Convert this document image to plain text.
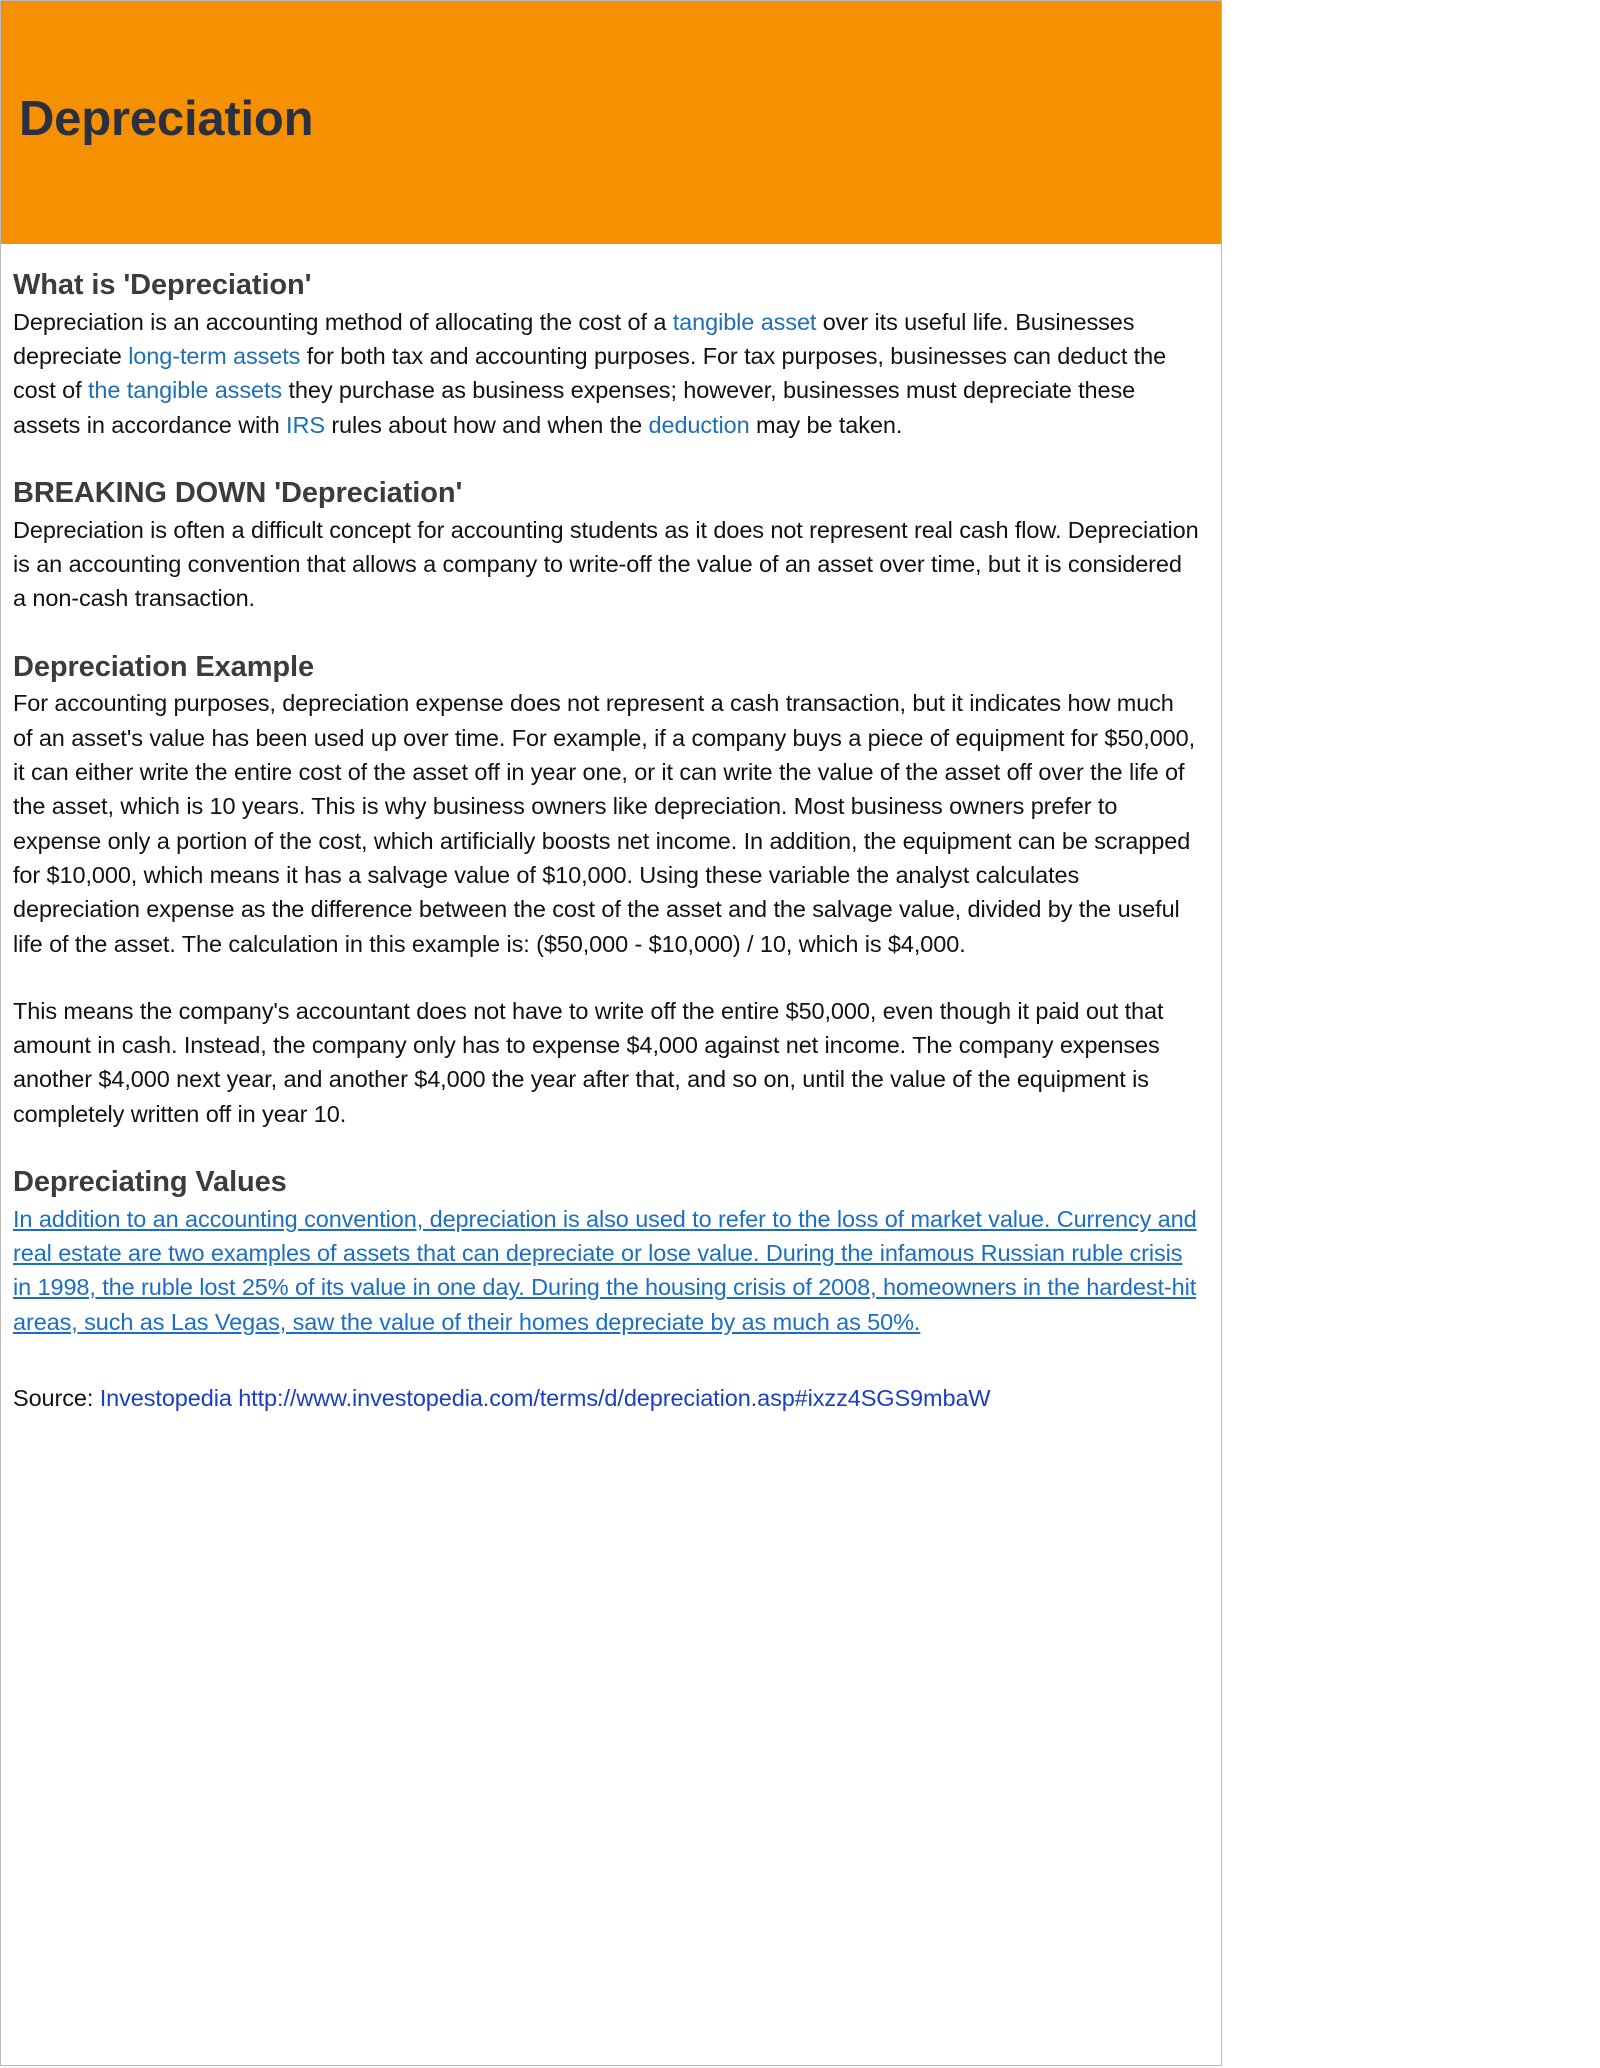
Depreciation
What is 'Depreciation'

Depreciation is an accounting method of allocating the cost of a tangible asset over its useful life. Businesses depreciate long-term assets for both tax and accounting purposes. For tax purposes, businesses can deduct the cost of the tangible assets they purchase as business expenses; however, businesses must depreciate these assets in accordance with IRS rules about how and when the deduction may be taken.

BREAKING DOWN 'Depreciation'

Depreciation is often a difficult concept for accounting students as it does not represent real cash flow. Depreciation is an accounting convention that allows a company to write-off the value of an asset over time, but it is considered a non-cash transaction.

Depreciation Example

For accounting purposes, depreciation expense does not represent a cash transaction, but it indicates how much of an asset's value has been used up over time. For example, if a company buys a piece of equipment for $50,000, it can either write the entire cost of the asset off in year one, or it can write the value of the asset off over the life of the asset, which is 10 years. This is why business owners like depreciation. Most business owners prefer to expense only a portion of the cost, which artificially boosts net income. In addition, the equipment can be scrapped for $10,000, which means it has a salvage value of $10,000. Using these variable the analyst calculates depreciation expense as the difference between the cost of the asset and the salvage value, divided by the useful life of the asset. The calculation in this example is: ($50,000 - $10,000) / 10, which is $4,000.

This means the company's accountant does not have to write off the entire $50,000, even though it paid out that amount in cash. Instead, the company only has to expense $4,000 against net income. The company expenses another $4,000 next year, and another $4,000 the year after that, and so on, until the value of the equipment is completely written off in year 10.

Depreciating Values

In addition to an accounting convention, depreciation is also used to refer to the loss of market value. Currency and real estate are two examples of assets that can depreciate or lose value. During the infamous Russian ruble crisis in 1998, the ruble lost 25% of its value in one day. During the housing crisis of 2008, homeowners in the hardest-hit areas, such as Las Vegas, saw the value of their homes depreciate by as much as 50%.

Source: Investopedia http://www.investopedia.com/terms/d/depreciation.asp#ixzz4SGS9mbaW
